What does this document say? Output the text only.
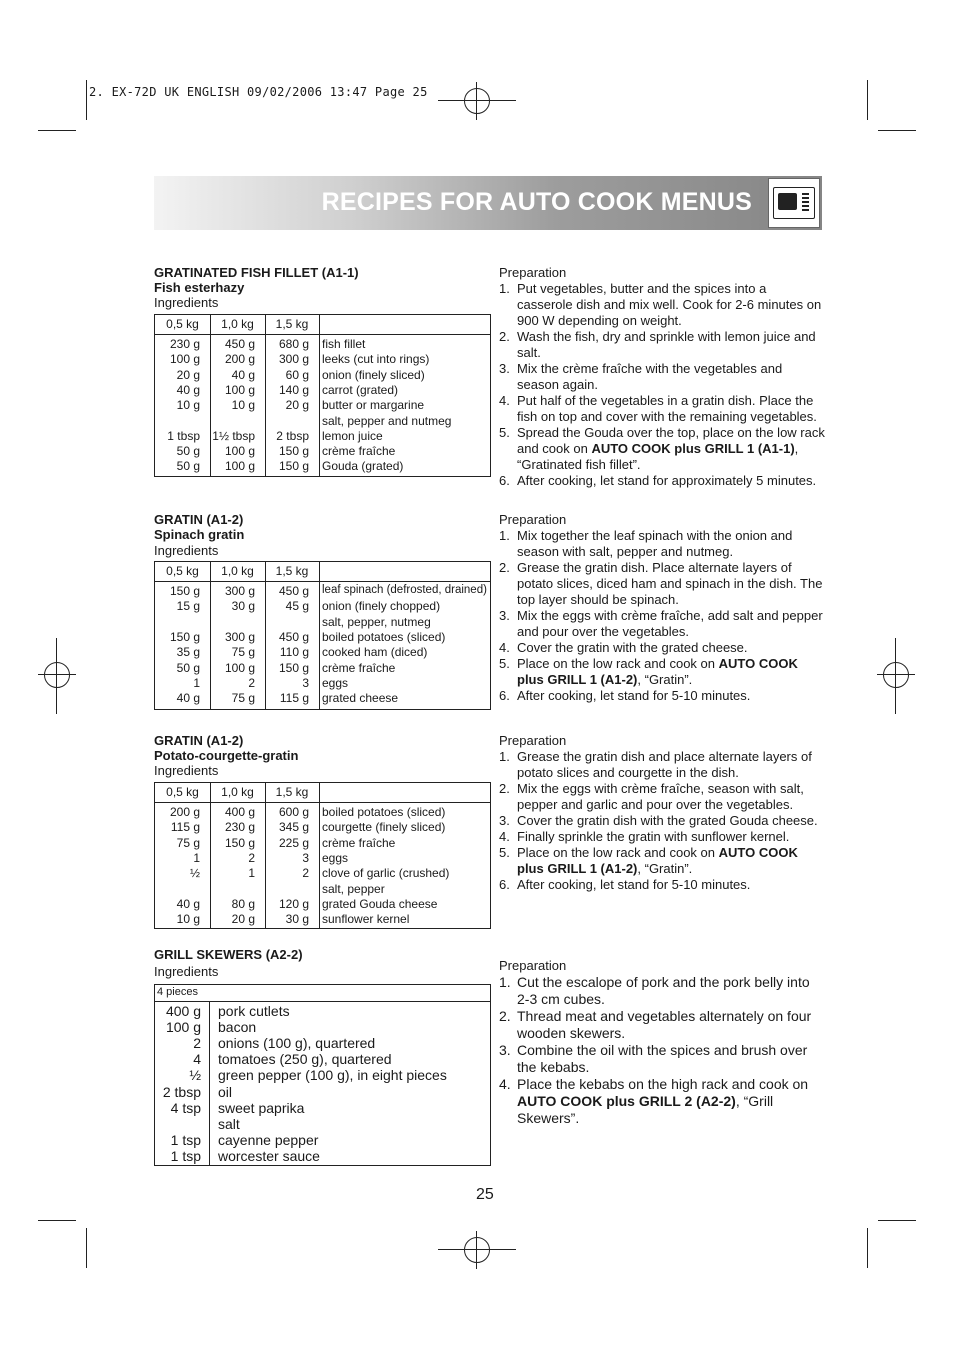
2. EX-72D UK ENGLISH 09/02/2006 13:47 Page 25
RECIPES FOR AUTO COOK MENUS
GRATINATED FISH FILLET (A1-1)
Fish esterhazy
Ingredients
0,5 kg	1,0 kg	1,5 kg
230 g	450 g	680 g fish fillet
100 g	200 g	300 g leeks (cut into rings)
20 g	40 g	60 g onion (finely sliced)
40 g	100 g	140 g carrot (grated)
10 g	10 g	20 g butter or margarine
salt, pepper and nutmeg
1 tbsp 1½ tbsp	2 tbsp lemon juice
50 g	100 g	150 g crème fraîche
50 g	100 g	150 g Gouda (grated)
Preparation
1. Put vegetables, butter and the spices into a casserole dish and mix well. Cook for 2-6 minutes on 900 W depending on weight.
2. Wash the fish, dry and sprinkle with lemon juice and salt.
3. Mix the crème fraîche with the vegetables and season again.
4. Put half of the vegetables in a gratin dish. Place the fish on top and cover with the remaining vegetables.
5. Spread the Gouda over the top, place on the low rack and cook on AUTO COOK plus GRILL 1 (A1-1), “Gratinated fish fillet”.
6. After cooking, let stand for approximately 5 minutes.
GRATIN (A1-2)
Spinach gratin
Ingredients
0,5 kg	1,0 kg	1,5 kg
150 g	300 g	450 g leaf spinach (defrosted, drained)
15 g	30 g	45 g onion (finely chopped)
salt, pepper, nutmeg
150 g	300 g	450 g boiled potatoes (sliced)
35 g	75 g	110 g cooked ham (diced)
50 g	100 g	150 g crème fraîche
1	2	3 eggs
40 g	75 g	115 g grated cheese
Preparation
1. Mix together the leaf spinach with the onion and season with salt, pepper and nutmeg.
2. Grease the gratin dish. Place alternate layers of potato slices, diced ham and spinach in the dish. The top layer should be spinach.
3. Mix the eggs with crème fraîche, add salt and pepper and pour over the vegetables.
4. Cover the gratin with the grated cheese.
5. Place on the low rack and cook on AUTO COOK plus GRILL 1 (A1-2), “Gratin”.
6. After cooking, let stand for 5-10 minutes.
GRATIN (A1-2)
Potato-courgette-gratin
Ingredients
0,5 kg	1,0 kg	1,5 kg
200 g	400 g	600 g boiled potatoes (sliced)
115 g	230 g	345 g courgette (finely sliced)
75 g	150 g	225 g crème fraîche
1	2	3 eggs
½	1	2 clove of garlic (crushed)
salt, pepper
40 g	80 g	120 g grated Gouda cheese
10 g	20 g	30 g sunflower kernel
Preparation
1. Grease the gratin dish and place alternate layers of potato slices and courgette in the dish.
2. Mix the eggs with crème fraîche, season with salt, pepper and garlic and pour over the vegetables.
3. Cover the gratin dish with the grated Gouda cheese.
4. Finally sprinkle the gratin with sunflower kernel.
5. Place on the low rack and cook on AUTO COOK plus GRILL 1 (A1-2), “Gratin”.
6. After cooking, let stand for 5-10 minutes.
GRILL SKEWERS (A2-2)
Ingredients
4 pieces
400 g pork cutlets
100 g bacon
2 onions (100 g), quartered
4 tomatoes (250 g), quartered
½ green pepper (100 g), in eight pieces
2 tbsp oil
4 tsp sweet paprika
salt
1 tsp cayenne pepper
1 tsp worcester sauce
Preparation
1. Cut the escalope of pork and the pork belly into 2-3 cm cubes.
2. Thread meat and vegetables alternately on four wooden skewers.
3. Combine the oil with the spices and brush over the kebabs.
4. Place the kebabs on the high rack and cook on AUTO COOK plus GRILL 2 (A2-2), “Grill Skewers”.
25
